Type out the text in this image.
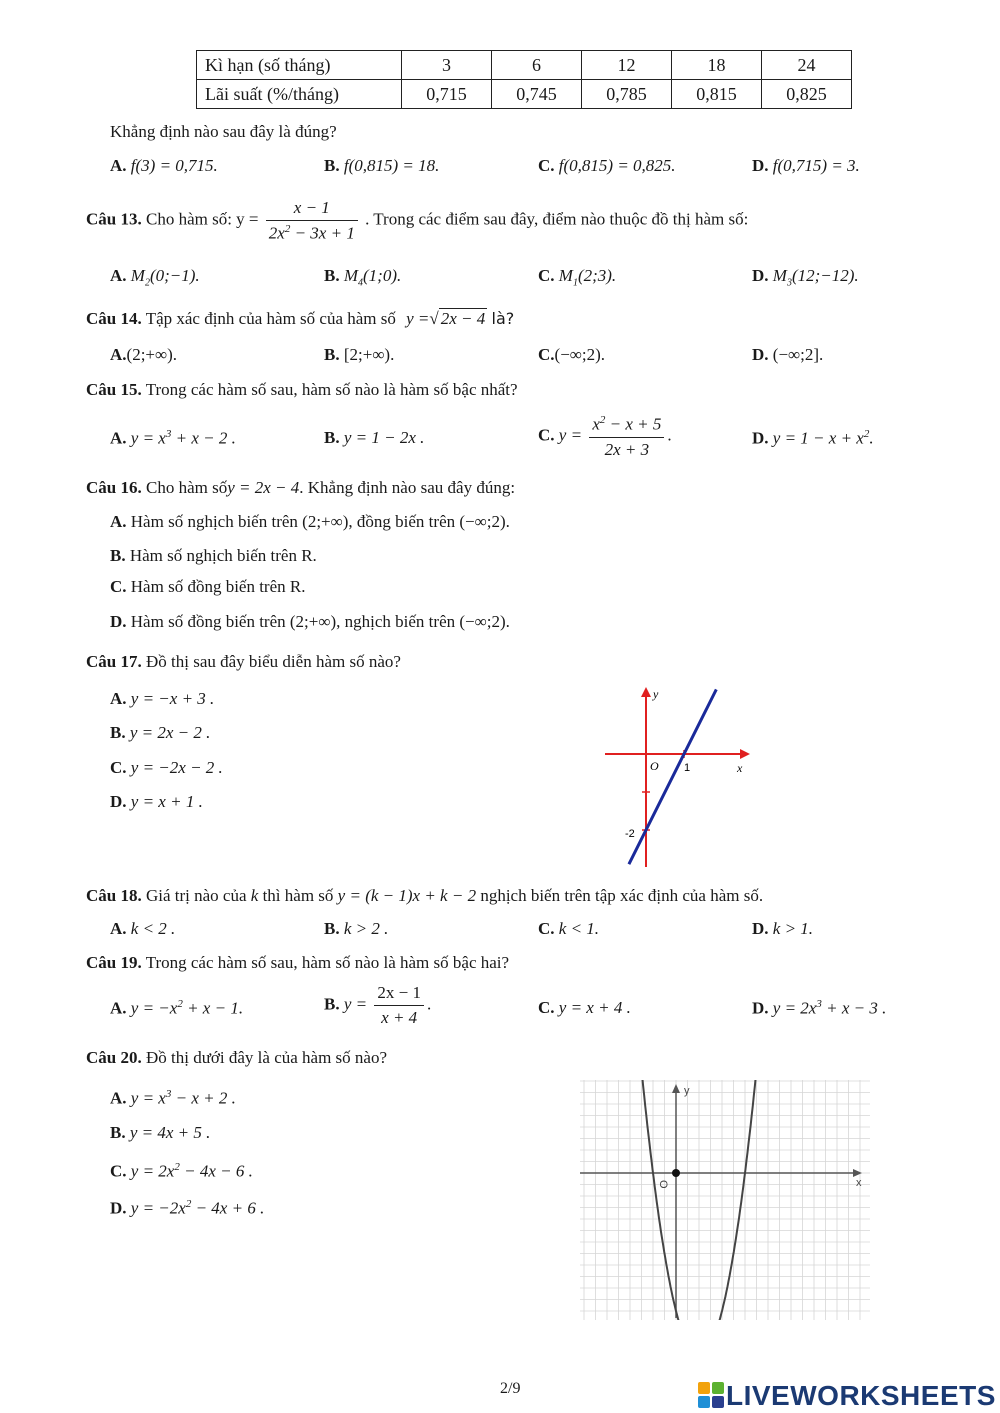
Kì hạn (số tháng)	3	6	12	18	24
Lãi suất (%/tháng)	0,715	0,745	0,785	0,815	0,825
Khẳng định nào sau đây là đúng?
A. f(3) = 0,715.	B. f(0,815) = 18.	C. f(0,815) = 0,825.	D. f(0,715) = 3.
Câu 13. Cho hàm số: $y = \frac{x - 1}{2x^2 - 3x + 1}$ . Trong các điểm sau đây, điểm nào thuộc đồ thị hàm số:
A. $M_2(0;-1)$.	B. $M_4(1;0)$.	C. $M_1(2;3)$.	D. $M_3(12;-12)$.
Câu 14. Tập xác định của hàm số của hàm số y =√ 2x − 4 là?
A.(2;+∞).	B. [2;+∞).	C.(−∞;2).	D. (−∞;2].
Câu 15. Trong các hàm số sau, hàm số nào là hàm số bậc nhất?
A. $y = x^3 + x - 2$ .	B. y = 1 − 2x .	C. $y = \frac{x^2 - x + 5}{2x + 3}$ .	D. $y = 1 - x + x^2$.
Câu 16. Cho hàm sốy = 2x − 4. Khẳng định nào sau đây đúng:
A. Hàm số nghịch biến trên (2;+∞), đồng biến trên (−∞;2).
B. Hàm số nghịch biến trên R.
C. Hàm số đồng biến trên R.
D. Hàm số đồng biến trên (2;+∞), nghịch biến trên (−∞;2).
Câu 17. Đồ thị sau đây biểu diễn hàm số nào?
A. y = −x + 3 .
B. y = 2x − 2 .
C. y = −2x − 2 .
D. y = x + 1 .
y
x
O 1
-2
Câu 18. Giá trị nào của k thì hàm số y = (k − 1)x + k − 2 nghịch biến trên tập xác định của hàm số.
A. k < 2 .	B. k > 2 .	C. k < 1.	D. k > 1.
Câu 19. Trong các hàm số sau, hàm số nào là hàm số bậc hai?
A. $y = -x^2 + x - 1$.	B. $y = \frac{2x - 1}{x + 4}$ .	C. y = x + 4 .	D. $y = 2x^3 + x - 3$ .
Câu 20. Đồ thị dưới đây là của hàm số nào?
A. $y = x^3 - x + 2$ .
B. y = 4x + 5 .
C. $y = 2x^2 - 4x - 6$ .
D. $y = -2x^2 - 4x + 6$ .
y
x
O
2/9	LIVEWORKSHEETS
